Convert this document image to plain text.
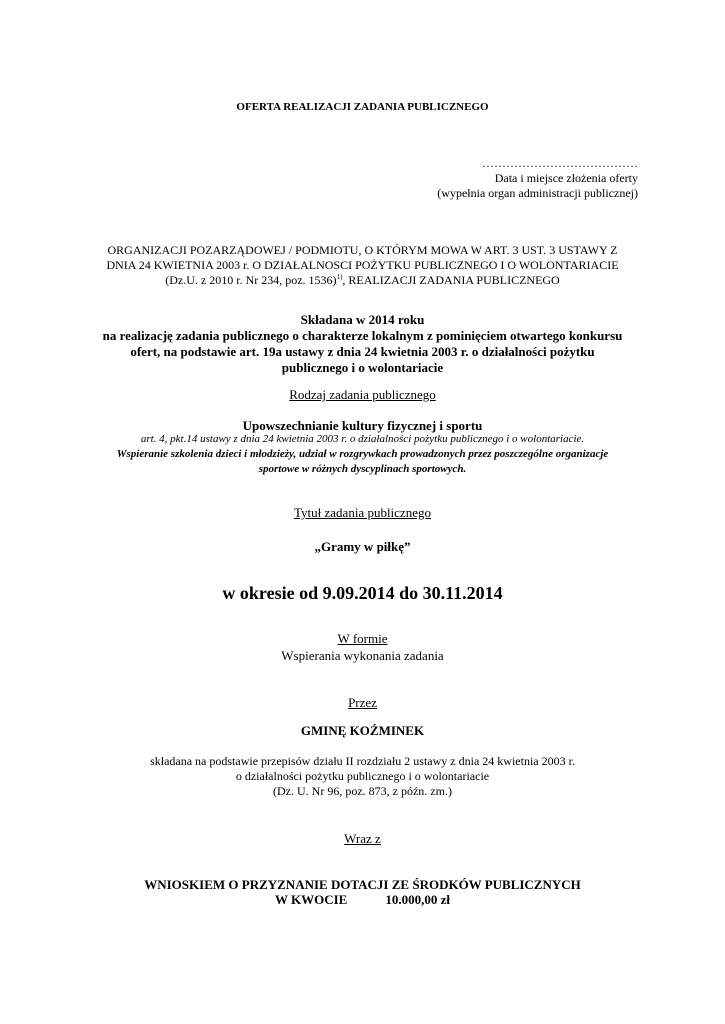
OFERTA REALIZACJI ZADANIA PUBLICZNEGO
…………………………………
Data i miejsce złożenia oferty
(wypełnia organ administracji publicznej)
ORGANIZACJI POZARZĄDOWEJ / PODMIOTU, O KTÓRYM MOWA W ART. 3 UST. 3 USTAWY Z
DNIA 24 KWIETNIA 2003 r. O DZIAŁALNOSCI POŻYTKU PUBLICZNEGO I O WOLONTARIACIE
(Dz.U. z 2010 r. Nr 234, poz. 1536)$^{1)}$, REALIZACJI ZADANIA PUBLICZNEGO
Składana w 2014 roku
na realizację zadania publicznego o charakterze lokalnym z pominięciem otwartego konkursu
ofert, na podstawie art. 19a ustawy z dnia 24 kwietnia 2003 r. o działalności pożytku
publicznego i o wolontariacie
Rodzaj zadania publicznego
Upowszechnianie kultury fizycznej i sportu
art. 4, pkt.14 ustawy z dnia 24 kwietnia 2003 r. o działalności pożytku publicznego i o wolontariacie.
Wspieranie szkolenia dzieci i młodzieży, udział w rozgrywkach prowadzonych przez poszczególne organizacje
sportowe w różnych dyscyplinach sportowych.
Tytuł zadania publicznego
„Gramy w piłkę”
w okresie od 9.09.2014 do 30.11.2014
W formie
Wspierania wykonania zadania
Przez
GMINĘ KOŹMINEK
składana na podstawie przepisów działu II rozdziału 2 ustawy z dnia 24 kwietnia 2003 r.
o działalności pożytku publicznego i o wolontariacie
(Dz. U. Nr 96, poz. 873, z późn. zm.)
Wraz z
WNIOSKIEM O PRZYZNANIE DOTACJI ZE ŚRODKÓW PUBLICZNYCH
W KWOCIE	10.000,00 zł
